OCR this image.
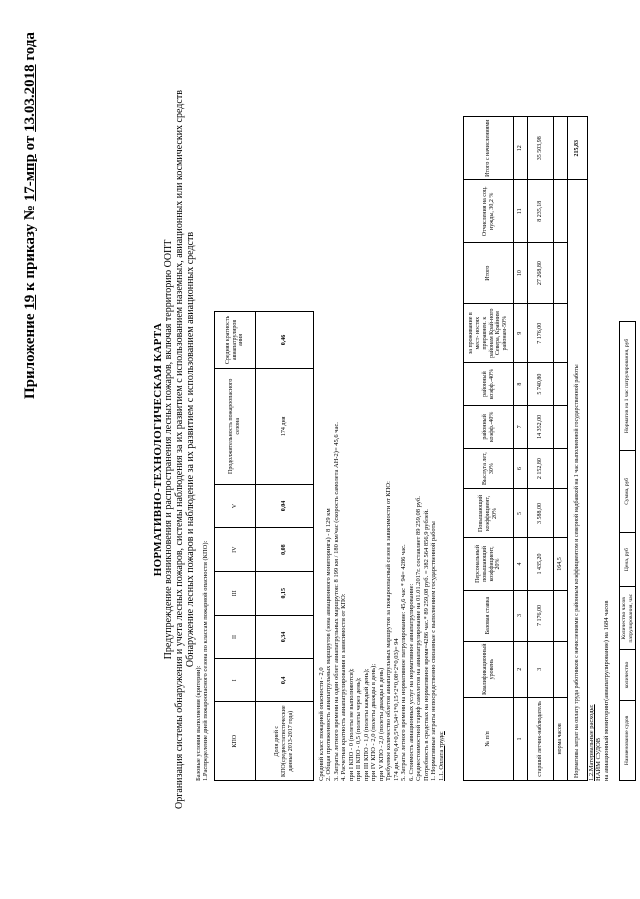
Приложение 19 к приказу № 17-мпр от 13.03.2018 года
НОРМАТИВНО-ТЕХНОЛОГИЧЕСКАЯ КАРТА Предупреждение возникновения и распространения лесных пожаров, включая территорию ООПТ Организация системы обнаружения и учета лесных пожаров, системы наблюдения за их развитием с использованием наземных, авиационных или космических средств Обнаружение лесных пожаров и наблюдение за их развитием с использованием авиационных средств
Базовые условия выполнения (критерии): 1.Распределение дней пожароопасного сезона по классам пожарной опасности (КПО):	КПО	I	II	III	IV	V	Продолжительность пожароопасного сезона	Средняя кратность авиапатрулиров ания
Доля дней с КПО(среднестатистические данные 2013-2017 года)	0,4	0,34	0,15	0,08	0,04	174 дня	0,46
Средний класс пожарной опасности - 2,0 2. Общая протяженность авиапатрульных маршрутов (зона авиационного мониторинга) - 8 129 км 3. Затраты летного времени на один облет авиапатрульных маршрутов: 8 199 км / 180 км/час (скорость самолета АН-2)= 45,6 час. 4. Расчетная кратность авиапатрулирования в зависимости от КПО: при I КПО - 0 (полеты не выполняются); при II КПО - 0,5 (полеты через день); при III КПО - 1,0 (полеты каждый день); при IV КПО - 2,0 (полеты дважды в день); при V КПО - 2,0 (полеты дважды в день) Требуемое количество облетов авиапатрульных маршрутов за пожароопасный сезон в зависимости от КПО: 174 дн.*0*0,4+0,5*0,34+1*0,15+2*0,08+2*0,03)= 94 5. Затраты летного времени на нормативное патрулирование: 45,6 час * 94= 4286 час. 6. Стоимость авиационных услуг на нормативное авиапатрулирование: Среднестоимостной тариф самолетов на авиапатрулирование на 01.01.2017г. составляет 89 259,08 руб. Потребность в средствах на нормативное время=4286 час.* 89 259,08 руб. = 382 564 856,9 рублей. 1. Нормативные затраты непосредственно связанные с выполнением государственной работы 1.1. Оплата труда:	№ п/п	Квалификационный уровень	Базовая ставка	Персональный повышающий коэффициент, 20%	Повышающий коэффициент, 20%	Выслуга лет, 30%	районный коэфф.-40%	районный коэфф.-40%	за проживание в мест- ностях приравнен. к районам Край-ного Севера, Крайним районам-50%	Итого	Отчисления на соц. нужды, 30,2 %	Итого с начислениями
1	2	3	4	5	6	7	8	9	10	11	12
старший летчик-наблюдатель	3	7 176,00	1 435,20	3 588,00	2 152,80	14 352,00	5 740,80	7 176,00	27 268,80	8 235,18	35 503,98
норма часов			164,5								
Нормативы затрат на оплату труда работников с начислениями с районным коэффициентом и северной надбавкой на 1 час выполненной государственной работы											215,83
1.2.Материальные расходы: НАЙМ СУДОВ на авиационный мониторинг(авиапатрулирование) на 1684 часов	Наименование судов	количество	Количество часов патрулирования, час	Цена, руб	Сумма, руб	Норматив на 1 час патрулирования, руб
